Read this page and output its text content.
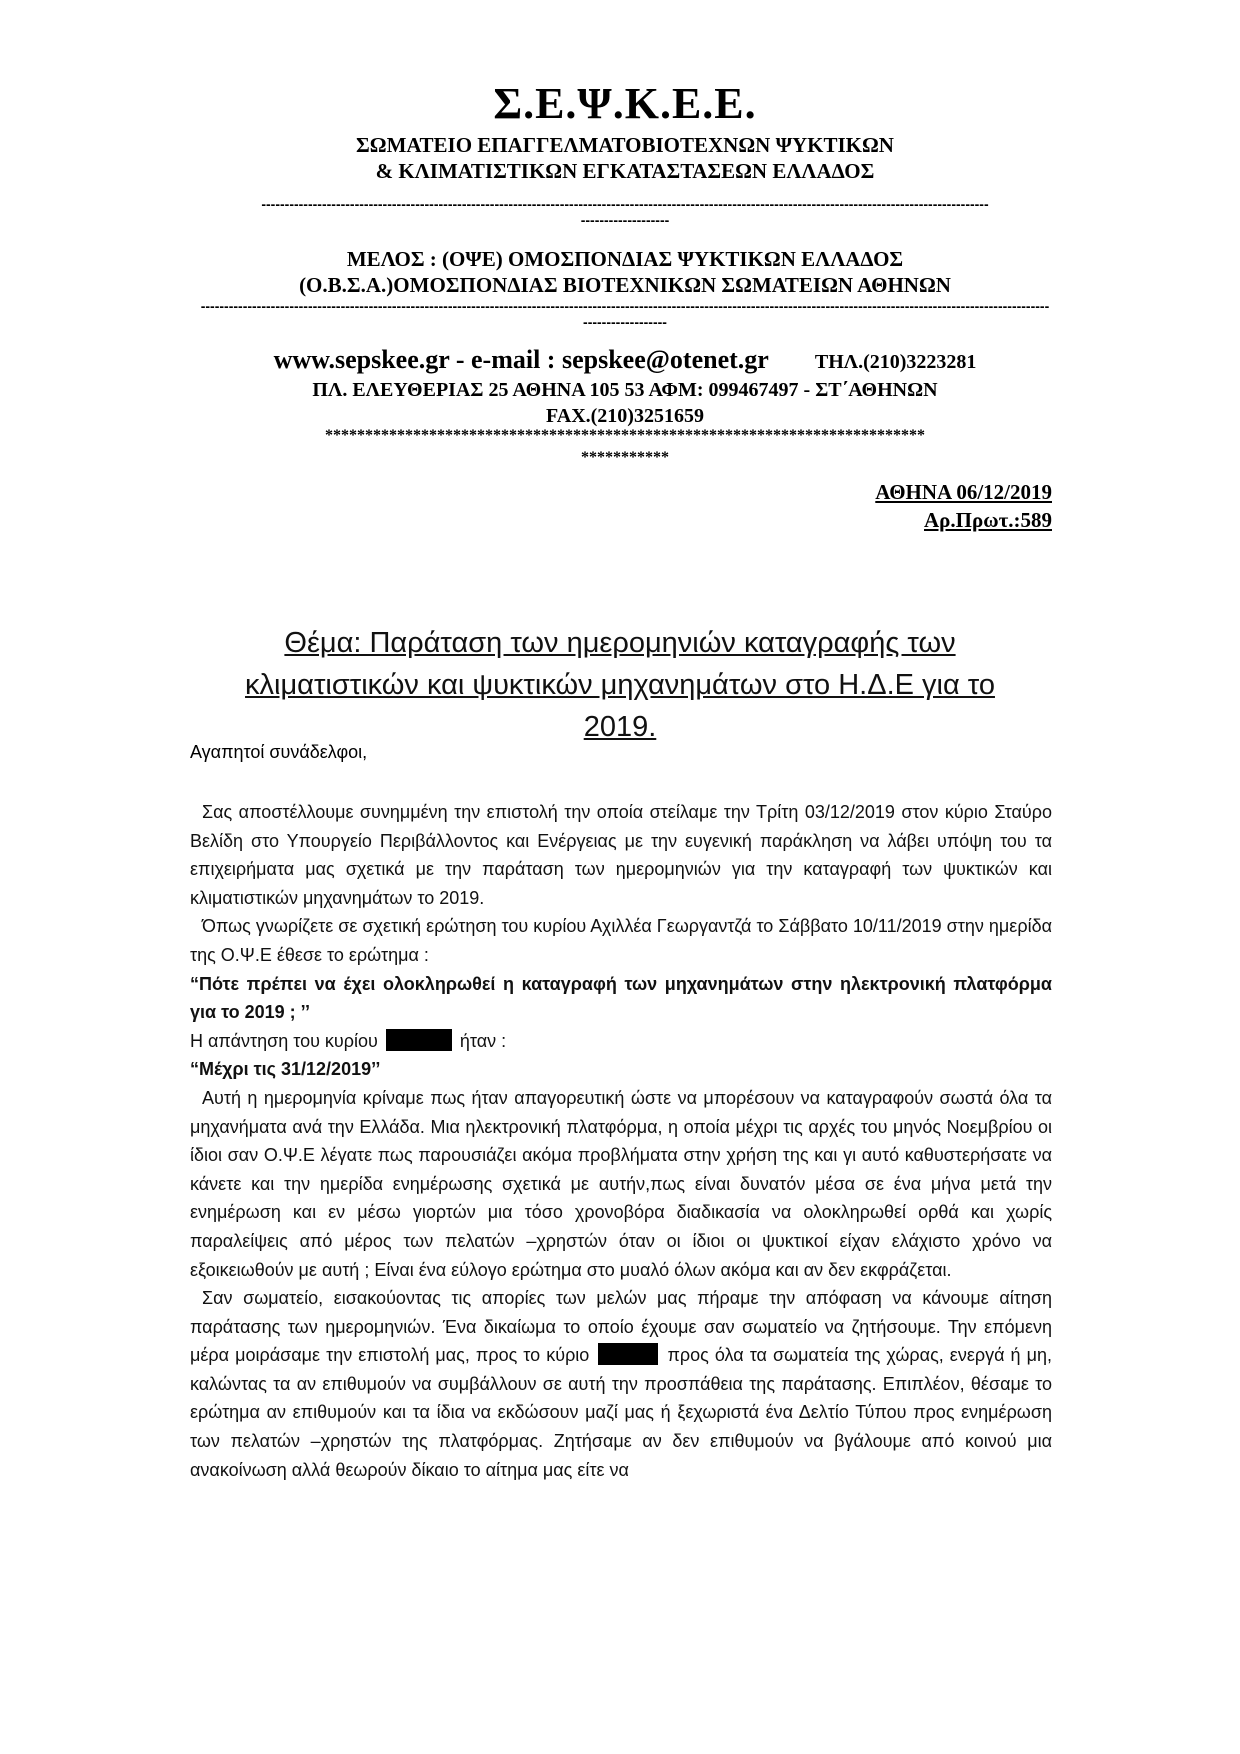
Σ.Ε.Ψ.Κ.Ε.Ε.
ΣΩΜΑΤΕΙΟ ΕΠΑΓΓΕΛΜΑΤΟΒΙΟΤΕΧΝΩΝ ΨΥΚΤΙΚΩΝ
& ΚΛΙΜΑΤΙΣΤΙΚΩΝ ΕΓΚΑΤΑΣΤΑΣΕΩΝ ΕΛΛΑΔΟΣ
------------------------------------------------------------------------------------------------------------------------------------------------------------
-------------------
ΜΕΛΟΣ : (ΟΨΕ) ΟΜΟΣΠΟΝΔΙΑΣ ΨΥΚΤΙΚΩΝ ΕΛΛΑΔΟΣ
(Ο.Β.Σ.Α.)ΟΜΟΣΠΟΝΔΙΑΣ ΒΙΟΤΕΧΝΙΚΩΝ ΣΩΜΑΤΕΙΩΝ ΑΘΗΝΩΝ
--------------------------------------------------------------------------------------------------------------------------------------------------------------------------------------
------------------
www.sepskee.gr - e-mail : sepskee@otenet.gr ΤΗΛ.(210)3223281
ΠΛ. ΕΛΕΥΘΕΡΙΑΣ 25 ΑΘΗΝΑ 105 53 ΑΦΜ: 099467497 - ΣΤ΄ΑΘΗΝΩΝ
FAX.(210)3251659
***************************************************************************
***********
ΑΘΗΝΑ 06/12/2019
Αρ.Πρωτ.:589
Θέμα: Παράταση των ημερομηνιών καταγραφής των
κλιματιστικών και ψυκτικών μηχανημάτων στο Η.Δ.Ε για το
2019.
Αγαπητοί συνάδελφοι,

Σας αποστέλλουμε συνημμένη την επιστολή την οποία στείλαμε την Τρίτη 03/12/2019 στον κύριο Σταύρο Βελίδη στο Υπουργείο Περιβάλλοντος και Ενέργειας με την ευγενική παράκληση να λάβει υπόψη του τα επιχειρήματα μας σχετικά με την παράταση των ημερομηνιών για την καταγραφή των ψυκτικών και κλιματιστικών μηχανημάτων το 2019.

Όπως γνωρίζετε σε σχετική ερώτηση του κυρίου Αχιλλέα Γεωργαντζά το Σάββατο 10/11/2019 στην ημερίδα της Ο.Ψ.Ε έθεσε το ερώτημα :

“Πότε πρέπει να έχει ολοκληρωθεί η καταγραφή των μηχανημάτων στην ηλεκτρονική πλατφόρμα για το 2019 ; ’’

Η απάντηση του κυρίου	ήταν :

“Μέχρι τις 31/12/2019’’

Αυτή η ημερομηνία κρίναμε πως ήταν απαγορευτική ώστε να μπορέσουν να καταγραφούν σωστά όλα τα μηχανήματα ανά την Ελλάδα. Μια ηλεκτρονική πλατφόρμα, η οποία μέχρι τις αρχές του μηνός Νοεμβρίου οι ίδιοι σαν Ο.Ψ.Ε λέγατε πως παρουσιάζει ακόμα προβλήματα στην χρήση της και γι αυτό καθυστερήσατε να κάνετε και την ημερίδα ενημέρωσης σχετικά με αυτήν,πως είναι δυνατόν μέσα σε ένα μήνα μετά την ενημέρωση και εν μέσω γιορτών μια τόσο χρονοβόρα διαδικασία να ολοκληρωθεί ορθά και χωρίς παραλείψεις από μέρος των πελατών –χρηστών όταν οι ίδιοι οι ψυκτικοί είχαν ελάχιστο χρόνο να εξοικειωθούν με αυτή ; Είναι ένα εύλογο ερώτημα στο μυαλό όλων ακόμα και αν δεν εκφράζεται.

Σαν σωματείο, εισακούοντας τις απορίες των μελών μας πήραμε την απόφαση να κάνουμε αίτηση παράτασης των ημερομηνιών. Ένα δικαίωμα το οποίο έχουμε σαν σωματείο να ζητήσουμε. Την επόμενη μέρα μοιράσαμε την επιστολή μας, προς το κύριο	προς όλα τα σωματεία της χώρας, ενεργά ή μη, καλώντας τα αν επιθυμούν να συμβάλλουν σε αυτή την προσπάθεια της παράτασης. Επιπλέον, θέσαμε το ερώτημα αν επιθυμούν και τα ίδια να εκδώσουν μαζί μας ή ξεχωριστά ένα Δελτίο Τύπου προς ενημέρωση των πελατών –χρηστών της πλατφόρμας. Ζητήσαμε αν δεν επιθυμούν να βγάλουμε από κοινού μια ανακοίνωση αλλά θεωρούν δίκαιο το αίτημα μας είτε να
